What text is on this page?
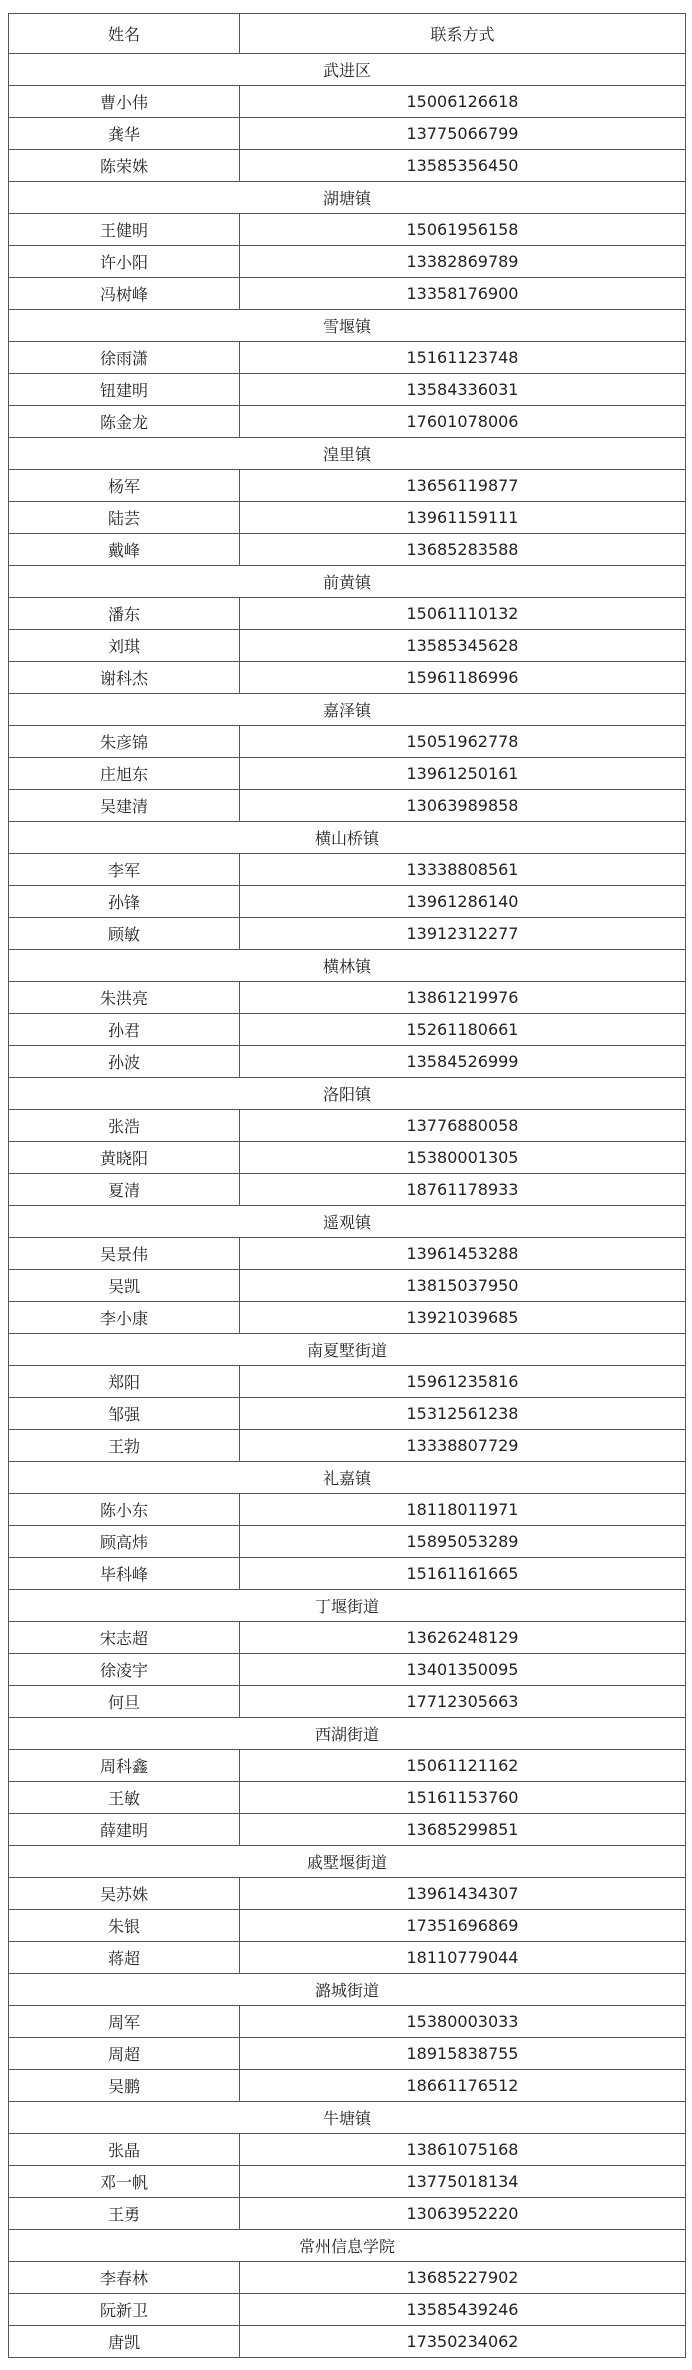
姓名	联系方式
武进区	
曹小伟	15006126618
龚华	13775066799
陈荣姝	13585356450
湖塘镇	
王健明	15061956158
许小阳	13382869789
冯树峰	13358176900
雪堰镇	
徐雨潇	15161123748
钮建明	13584336031
陈金龙	17601078006
湟里镇	
杨军	13656119877
陆芸	13961159111
戴峰	13685283588
前黄镇	
潘东	15061110132
刘琪	13585345628
谢科杰	15961186996
嘉泽镇	
朱彦锦	15051962778
庄旭东	13961250161
吴建清	13063989858
横山桥镇	
李军	13338808561
孙锋	13961286140
顾敏	13912312277
横林镇	
朱洪亮	13861219976
孙君	15261180661
孙波	13584526999
洛阳镇	
张浩	13776880058
黄晓阳	15380001305
夏清	18761178933
遥观镇	
吴景伟	13961453288
吴凯	13815037950
李小康	13921039685
南夏墅街道	
郑阳	15961235816
邹强	15312561238
王勃	13338807729
礼嘉镇	
陈小东	18118011971
顾高炜	15895053289
毕科峰	15161161665
丁堰街道	
宋志超	13626248129
徐凌宇	13401350095
何旦	17712305663
西湖街道	
周科鑫	15061121162
王敏	15161153760
薛建明	13685299851
戚墅堰街道	
吴苏姝	13961434307
朱银	17351696869
蒋超	18110779044
潞城街道	
周军	15380003033
周超	18915838755
吴鹏	18661176512
牛塘镇	
张晶	13861075168
邓一帆	13775018134
王勇	13063952220
常州信息学院	
李春林	13685227902
阮新卫	13585439246
唐凯	17350234062
